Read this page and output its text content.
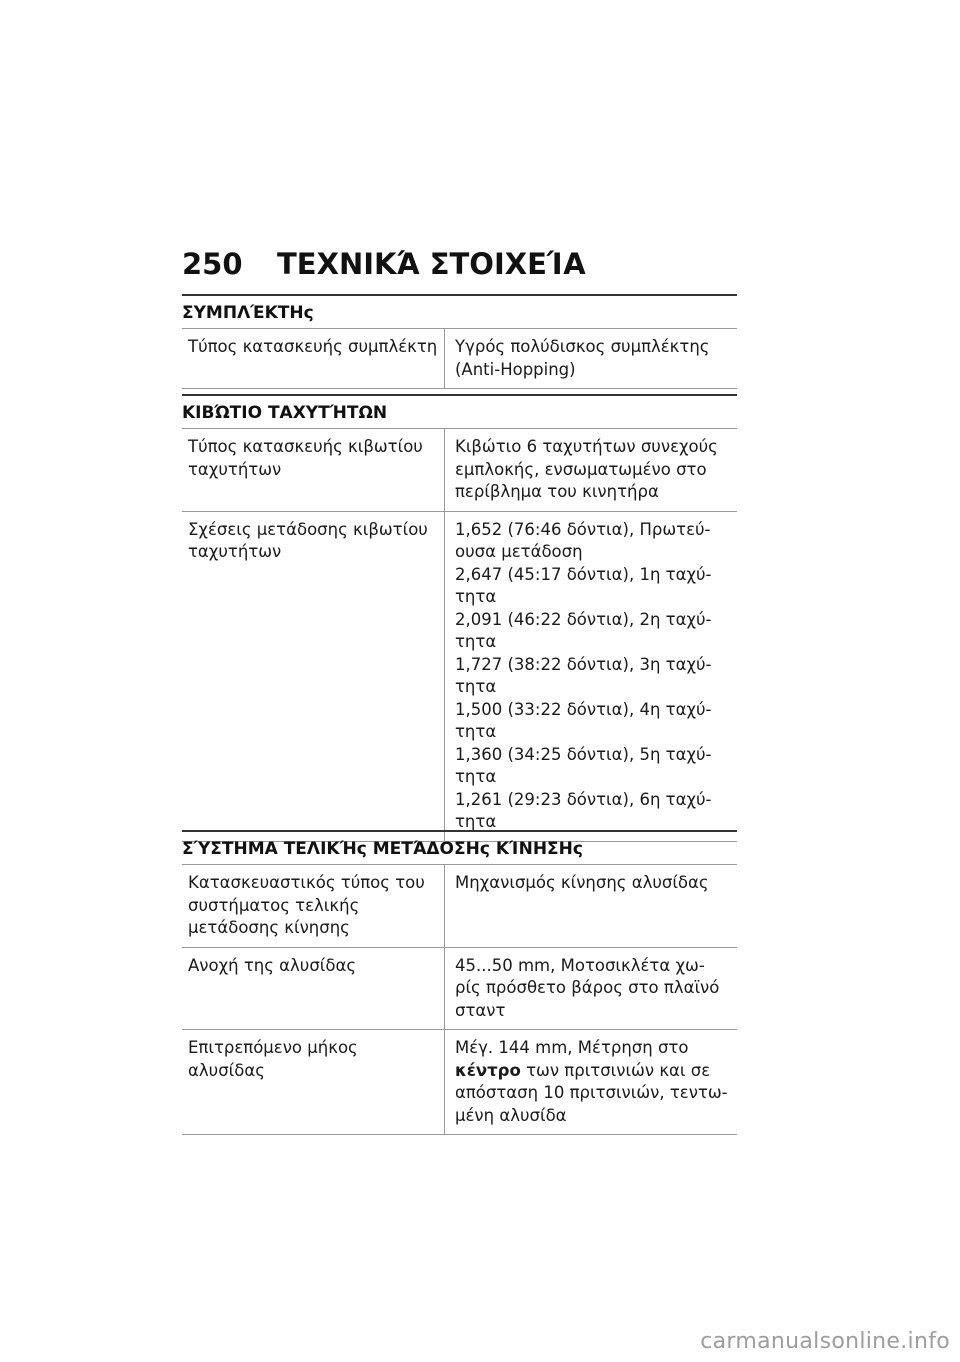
250 ΤΕΧΝΙΚΆ ΣΤΟΙΧΕΊΑ
ΣΥΜΠΛΈΚΤΗς
Τύπος κατασκευής συμπλέκτη	Υγρός πολύδισκος συμπλέκτης
(Anti-Hopping)
ΚΙΒΏΤΙΟ ΤΑΧΥΤΉΤΩΝ
Τύπος κατασκευής κιβωτίου ταχυτήτων
Κιβώτιο 6 ταχυτήτων συνεχούς
εμπλοκής, ενσωματωμένο στο
περίβλημα του κινητήρα
Σχέσεις μετάδοσης κιβωτίου ταχυτήτων
1,652 (76:46 δόντια), Πρωτεύ-
ουσα μετάδοση
2,647 (45:17 δόντια), 1η ταχύ-
τητα
2,091 (46:22 δόντια), 2η ταχύ-
τητα
1,727 (38:22 δόντια), 3η ταχύ-
τητα
1,500 (33:22 δόντια), 4η ταχύ-
τητα
1,360 (34:25 δόντια), 5η ταχύ-
τητα
1,261 (29:23 δόντια), 6η ταχύ-
τητα
ΣΎΣΤΗΜΑ ΤΕΛΙΚΉς ΜΕΤΆΔΟΣΗς ΚΊΝΗΣΗς
Κατασκευαστικός τύπος του συστήματος τελικής μετάδοσης κίνησης
Μηχανισμός κίνησης αλυσίδας
Ανοχή της αλυσίδας	45...50 mm, Μοτοσικλέτα χω-
ρίς πρόσθετο βάρος στο πλαϊνό
σταντ
Επιτρεπόμενο μήκος αλυσίδας
Μέγ. 144 mm, Μέτρηση στο
κέντρο των πριτσινιών και σε
απόσταση 10 πριτσινιών, τεντω-
μένη αλυσίδα
carmanualsonline.info
